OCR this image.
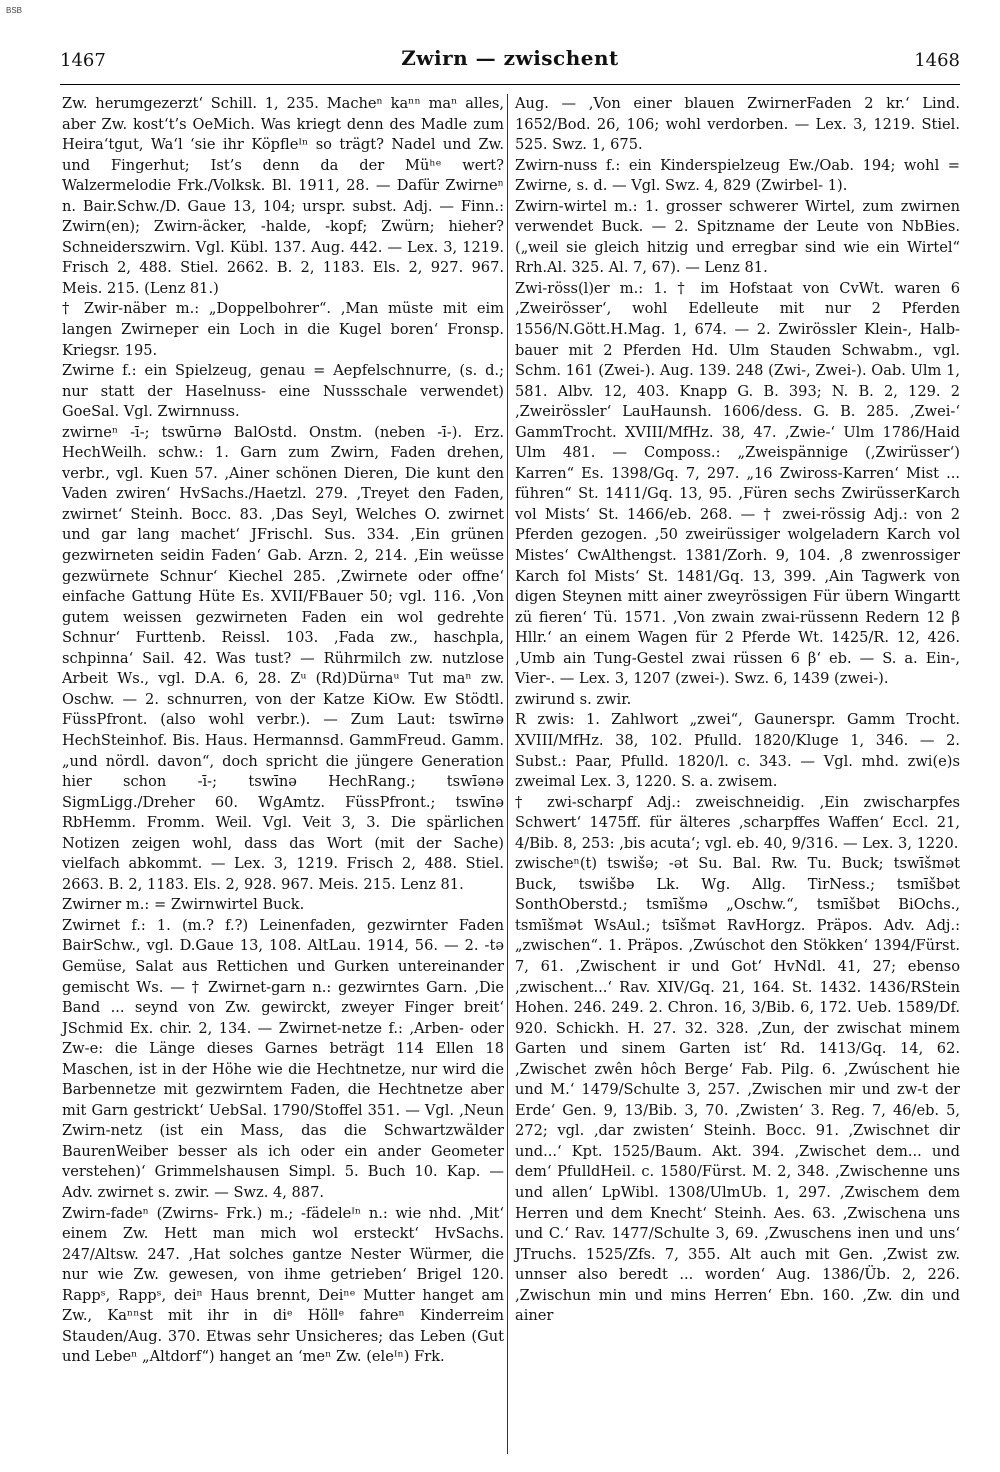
BSB
1467	Zwirn — zwischent	1468

Zw. herumgezerzt‘ Schill. 1, 235. Macheⁿ kaⁿⁿ maⁿ alles, aber Zw. kost‘t’s OeMich. Was kriegt denn des Madle zum Heira‘tgut, Wa‘l ‘sie ihr Köpfleᴵⁿ so trägt? Nadel und Zw. und Fingerhut; Ist’s denn da der Müʰᵉ wert? Walzermelodie Frk./Volksk. Bl. 1911, 28. — Dafür Zwirneⁿ n. Bair.Schw./D. Gaue 13, 104; urspr. subst. Adj. — Finn.: Zwirn(en); Zwirn-äcker, -halde, -kopf; Zwürn; hieher? Schneiderszwirn. Vgl. Kübl. 137. Aug. 442. — Lex. 3, 1219. Frisch 2, 488. Stiel. 2662. B. 2, 1183. Els. 2, 927. 967. Meis. 215. (Lenz 81.)

† Zwir-näber m.: „Doppelbohrer“. ‚Man müste mit eim langen Zwirneper ein Loch in die Kugel boren‘ Fronsp. Kriegsr. 195.

Zwirne f.: ein Spielzeug, genau = Aepfelschnurre, (s. d.; nur statt der Haselnuss- eine Nussschale verwendet) GoeSal. Vgl. Zwirnnuss.

zwirneⁿ -ī-; tswūrnə BalOstd. Onstm. (neben -ī-). Erz. HechWeilh. schw.: 1. Garn zum Zwirn, Faden drehen, verbr., vgl. Kuen 57. ‚Ainer schönen Dieren, Die kunt den Vaden zwiren‘ HvSachs./Haetzl. 279. ‚Treyet den Faden, zwirnet‘ Steinh. Bocc. 83. ‚Das Seyl, Welches O. zwirnet und gar lang machet‘ JFrischl. Sus. 334. ‚Ein grünen gezwirneten seidin Faden‘ Gab. Arzn. 2, 214. ‚Ein weüsse gezwürnete Schnur‘ Kiechel 285. ‚Zwirnete oder offne‘ einfache Gattung Hüte Es. XVII/FBauer 50; vgl. 116. ‚Von gutem weissen gezwirneten Faden ein wol gedrehte Schnur‘ Furttenb. Reissl. 103. ‚Fada zw., haschpla, schpinna‘ Sail. 42. Was tust? — Rührmilch zw. nutzlose Arbeit Ws., vgl. D.A. 6, 28. Zᵘ (Rd)Dürnaᵘ Tut maⁿ zw. Oschw. — 2. schnurren, von der Katze KiOw. Ew Stödtl. FüssPfront. (also wohl verbr.). — Zum Laut: tswīrnə HechSteinhof. Bis. Haus. Hermannsd. GammFreud. Gamm. „und nördl. davon“, doch spricht die jüngere Generation hier schon -ī-; tswīnə HechRang.; tswīənə SigmLigg./Dreher 60. WgAmtz. FüssPfront.; tswīnə RbHemm. Fromm. Weil. Vgl. Veit 3, 3. Die spärlichen Notizen zeigen wohl, dass das Wort (mit der Sache) vielfach abkommt. — Lex. 3, 1219. Frisch 2, 488. Stiel. 2663. B. 2, 1183. Els. 2, 928. 967. Meis. 215. Lenz 81.

Zwirner m.: = Zwirnwirtel Buck.

Zwirnet f.: 1. (m.? f.?) Leinenfaden, gezwirnter Faden BairSchw., vgl. D.Gaue 13, 108. AltLau. 1914, 56. — 2. -tə Gemüse, Salat aus Rettichen und Gurken untereinander gemischt Ws. — † Zwirnet-garn n.: gezwirntes Garn. ‚Die Band ... seynd von Zw. gewirckt, zweyer Finger breit‘ JSchmid Ex. chir. 2, 134. — Zwirnet-netze f.: ‚Arben- oder Zw-e: die Länge dieses Garnes beträgt 114 Ellen 18 Maschen, ist in der Höhe wie die Hechtnetze, nur wird die Barbennetze mit gezwirntem Faden, die Hechtnetze aber mit Garn gestrickt‘ UebSal. 1790/Stoffel 351. — Vgl. ‚Neun Zwirn-netz (ist ein Mass, das die Schwartzwälder BaurenWeiber besser als ich oder ein ander Geometer verstehen)‘ Grimmelshausen Simpl. 5. Buch 10. Kap. — Adv. zwirnet s. zwir. — Swz. 4, 887.

Zwirn-fadeⁿ (Zwirns- Frk.) m.; -fädeleᴵⁿ n.: wie nhd. ‚Mit‘ einem Zw. Hett man mich wol ersteckt‘ HvSachs. 247/Altsw. 247. ‚Hat solches gantze Nester Würmer, die nur wie Zw. gewesen, von ihme getrieben‘ Brigel 120. Rappˢ, Rappˢ, deiⁿ Haus brennt, Deiⁿᵉ Mutter hanget am Zw., Kaⁿⁿst mit ihr in diᵉ Höllᵉ fahreⁿ Kinderreim Stauden/Aug. 370. Etwas sehr Unsicheres; das Leben (Gut und Lebeⁿ „Altdorf“) hanget an ‘meⁿ Zw. (eleᴵⁿ) Frk.

Aug. — ‚Von einer blauen ZwirnerFaden 2 kr.‘ Lind. 1652/Bod. 26, 106; wohl verdorben. — Lex. 3, 1219. Stiel. 525. Swz. 1, 675.

Zwirn-nuss f.: ein Kinderspielzeug Ew./Oab. 194; wohl = Zwirne, s. d. — Vgl. Swz. 4, 829 (Zwirbel- 1).

Zwirn-wirtel m.: 1. grosser schwerer Wirtel, zum zwirnen verwendet Buck. — 2. Spitzname der Leute von NbBies. („weil sie gleich hitzig und erregbar sind wie ein Wirtel“ Rrh.Al. 325. Al. 7, 67). — Lenz 81.

Zwi-röss(l)er m.: 1. † im Hofstaat von CvWt. waren 6 ‚Zweirösser‘, wohl Edelleute mit nur 2 Pferden 1556/N.Gött.H.Mag. 1, 674. — 2. Zwirössler Klein-, Halb-bauer mit 2 Pferden Hd. Ulm Stauden Schwabm., vgl. Schm. 161 (Zwei-). Aug. 139. 248 (Zwi-, Zwei-). Oab. Ulm 1, 581. Albv. 12, 403. Knapp G. B. 393; N. B. 2, 129. 2 ‚Zweirössler‘ LauHaunsh. 1606/dess. G. B. 285. ‚Zwei-‘ GammTrocht. XVIII/MfHz. 38, 47. ‚Zwie-‘ Ulm 1786/Haid Ulm 481. — Composs.: „Zweispännige (‚Zwirüsser‘) Karren“ Es. 1398/Gq. 7, 297. „16 Zwiross-Karren‘ Mist ... führen“ St. 1411/Gq. 13, 95. ‚Füren sechs ZwirüsserKarch vol Mists‘ St. 1466/eb. 268. — † zwei-rössig Adj.: von 2 Pferden gezogen. ‚50 zweirüssiger wolgeladern Karch vol Mistes‘ CwAlthengst. 1381/Zorh. 9, 104. ‚8 zwenrossiger Karch fol Mists‘ St. 1481/Gq. 13, 399. ‚Ain Tagwerk von digen Steynen mitt ainer zweyrössigen Für übern Wingartt zü fieren‘ Tü. 1571. ‚Von zwain zwai-rüssenn Redern 12 β Hllr.‘ an einem Wagen für 2 Pferde Wt. 1425/R. 12, 426. ‚Umb ain Tung-Gestel zwai rüssen 6 β‘ eb. — S. a. Ein-, Vier-. — Lex. 3, 1207 (zwei-). Swz. 6, 1439 (zwei-).

zwirund s. zwir.

R zwis: 1. Zahlwort „zwei“, Gaunerspr. Gamm Trocht. XVIII/MfHz. 38, 102. Pfulld. 1820/Kluge 1, 346. — 2. Subst.: Paar, Pfulld. 1820/l. c. 343. — Vgl. mhd. zwi(e)s zweimal Lex. 3, 1220. S. a. zwisem.

† zwi-scharpf Adj.: zweischneidig. ‚Ein zwischarpfes Schwert‘ 1475ff. für älteres ‚scharpffes Waffen‘ Eccl. 21, 4/Bib. 8, 253: ‚bis acuta‘; vgl. eb. 40, 9/316. — Lex. 3, 1220.

zwischeⁿ(t) tswišə; -ət Su. Bal. Rw. Tu. Buck; tswīšmət Buck, tswišbə Lk. Wg. Allg. TirNess.; tsmīšbət SonthOberstd.; tsmīšmə „Oschw.“, tsmīšbət BiOchs., tsmīšmət WsAul.; tsīšmət RavHorgz. Präpos. Adv. Adj.: „zwischen“. 1. Präpos. ‚Zwúschot den Stökken‘ 1394/Fürst. 7, 61. ‚Zwischent ir und Got‘ HvNdl. 41, 27; ebenso ‚zwischent...‘ Rav. XIV/Gq. 21, 164. St. 1432. 1436/RStein Hohen. 246. 249. 2. Chron. 16, 3/Bib. 6, 172. Ueb. 1589/Df. 920. Schickh. H. 27. 32. 328. ‚Zun, der zwischat minem Garten und sinem Garten ist‘ Rd. 1413/Gq. 14, 62. ‚Zwischet zwên hôch Berge‘ Fab. Pilg. 6. ‚Zwúschent hie und M.‘ 1479/Schulte 3, 257. ‚Zwischen mir und zw-t der Erde‘ Gen. 9, 13/Bib. 3, 70. ‚Zwisten‘ 3. Reg. 7, 46/eb. 5, 272; vgl. ‚dar zwisten‘ Steinh. Bocc. 91. ‚Zwischnet dir und...‘ Kpt. 1525/Baum. Akt. 394. ‚Zwischet dem... und dem‘ PfulldHeil. c. 1580/Fürst. M. 2, 348. ‚Zwischenne uns und allen‘ LpWibl. 1308/UlmUb. 1, 297. ‚Zwischem dem Herren und dem Knecht‘ Steinh. Aes. 63. ‚Zwischena uns und C.‘ Rav. 1477/Schulte 3, 69. ‚Zwuschens inen und uns‘ JTruchs. 1525/Zfs. 7, 355. Alt auch mit Gen. ‚Zwist zw. unnser also beredt ... worden‘ Aug. 1386/Üb. 2, 226. ‚Zwischun min und mins Herren‘ Ebn. 160. ‚Zw. din und ainer
